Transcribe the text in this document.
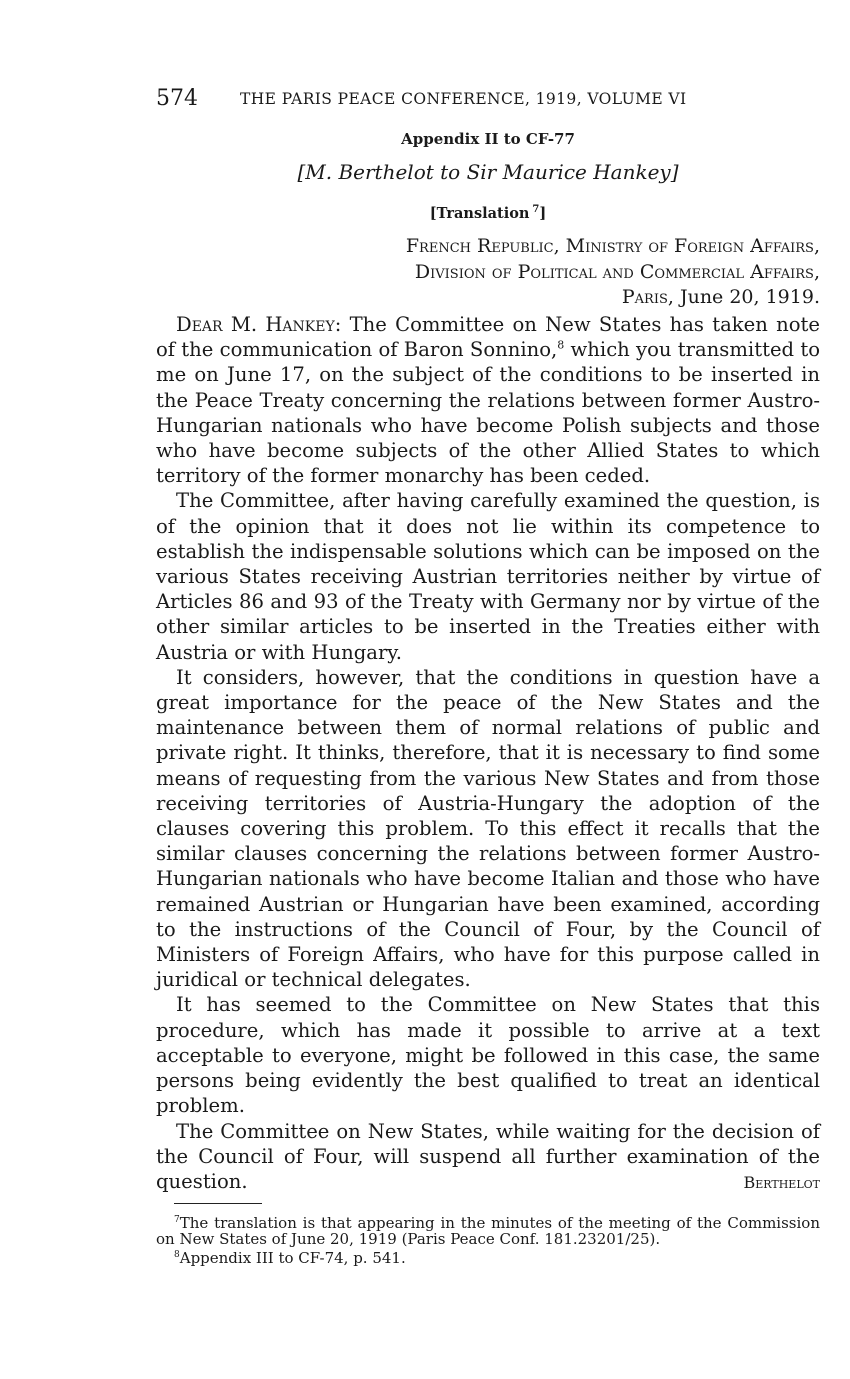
574	THE PARIS PEACE CONFERENCE, 1919, VOLUME VI
Appendix II to CF-77
[M. Berthelot to Sir Maurice Hankey]
[Translation  $^7$]
French Republic, Ministry of Foreign Affairs,
Division of Political and Commercial Affairs,
Paris, June 20, 1919.

Dear M. Hankey: The Committee on New States has taken note of the communication of Baron Sonnino,$^8$ which you transmitted to me on June 17, on the subject of the conditions to be inserted in the Peace Treaty concerning the relations between former Austro-Hungarian nationals who have become Polish subjects and those who have become subjects of the other Allied States to which territory of the former monarchy has been ceded.

The Committee, after having carefully examined the question, is of the opinion that it does not lie within its competence to establish the indispensable solutions which can be imposed on the various States receiving Austrian territories neither by virtue of Articles 86 and 93 of the Treaty with Germany nor by virtue of the other similar articles to be inserted in the Treaties either with Austria or with Hungary.

It considers, however, that the conditions in question have a great importance for the peace of the New States and the maintenance between them of normal relations of public and private right. It thinks, therefore, that it is necessary to find some means of requesting from the various New States and from those receiving territories of Austria-Hungary the adoption of the clauses covering this problem. To this effect it recalls that the similar clauses concerning the relations between former Austro-Hungarian nationals who have become Italian and those who have remained Austrian or Hungarian have been examined, according to the instructions of the Council of Four, by the Council of Ministers of Foreign Affairs, who have for this purpose called in juridical or technical delegates.

It has seemed to the Committee on New States that this procedure, which has made it possible to arrive at a text acceptable to everyone, might be followed in this case, the same persons being evidently the best qualified to treat an identical problem.

The Committee on New States, while waiting for the decision of the Council of Four, will suspend all further examination of the question.	Berthelot

$^7$The translation is that appearing in the minutes of the meeting of the Commission on New States of June 20, 1919 (Paris Peace Conf. 181.23201/25).

$^8$Appendix III to CF-74, p. 541.
